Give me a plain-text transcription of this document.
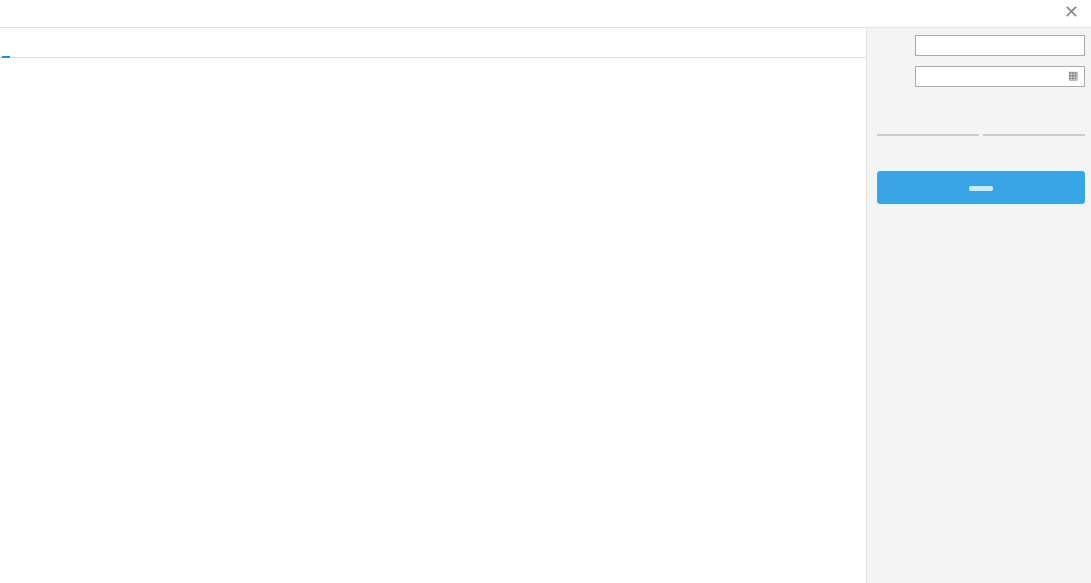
✕
▦
